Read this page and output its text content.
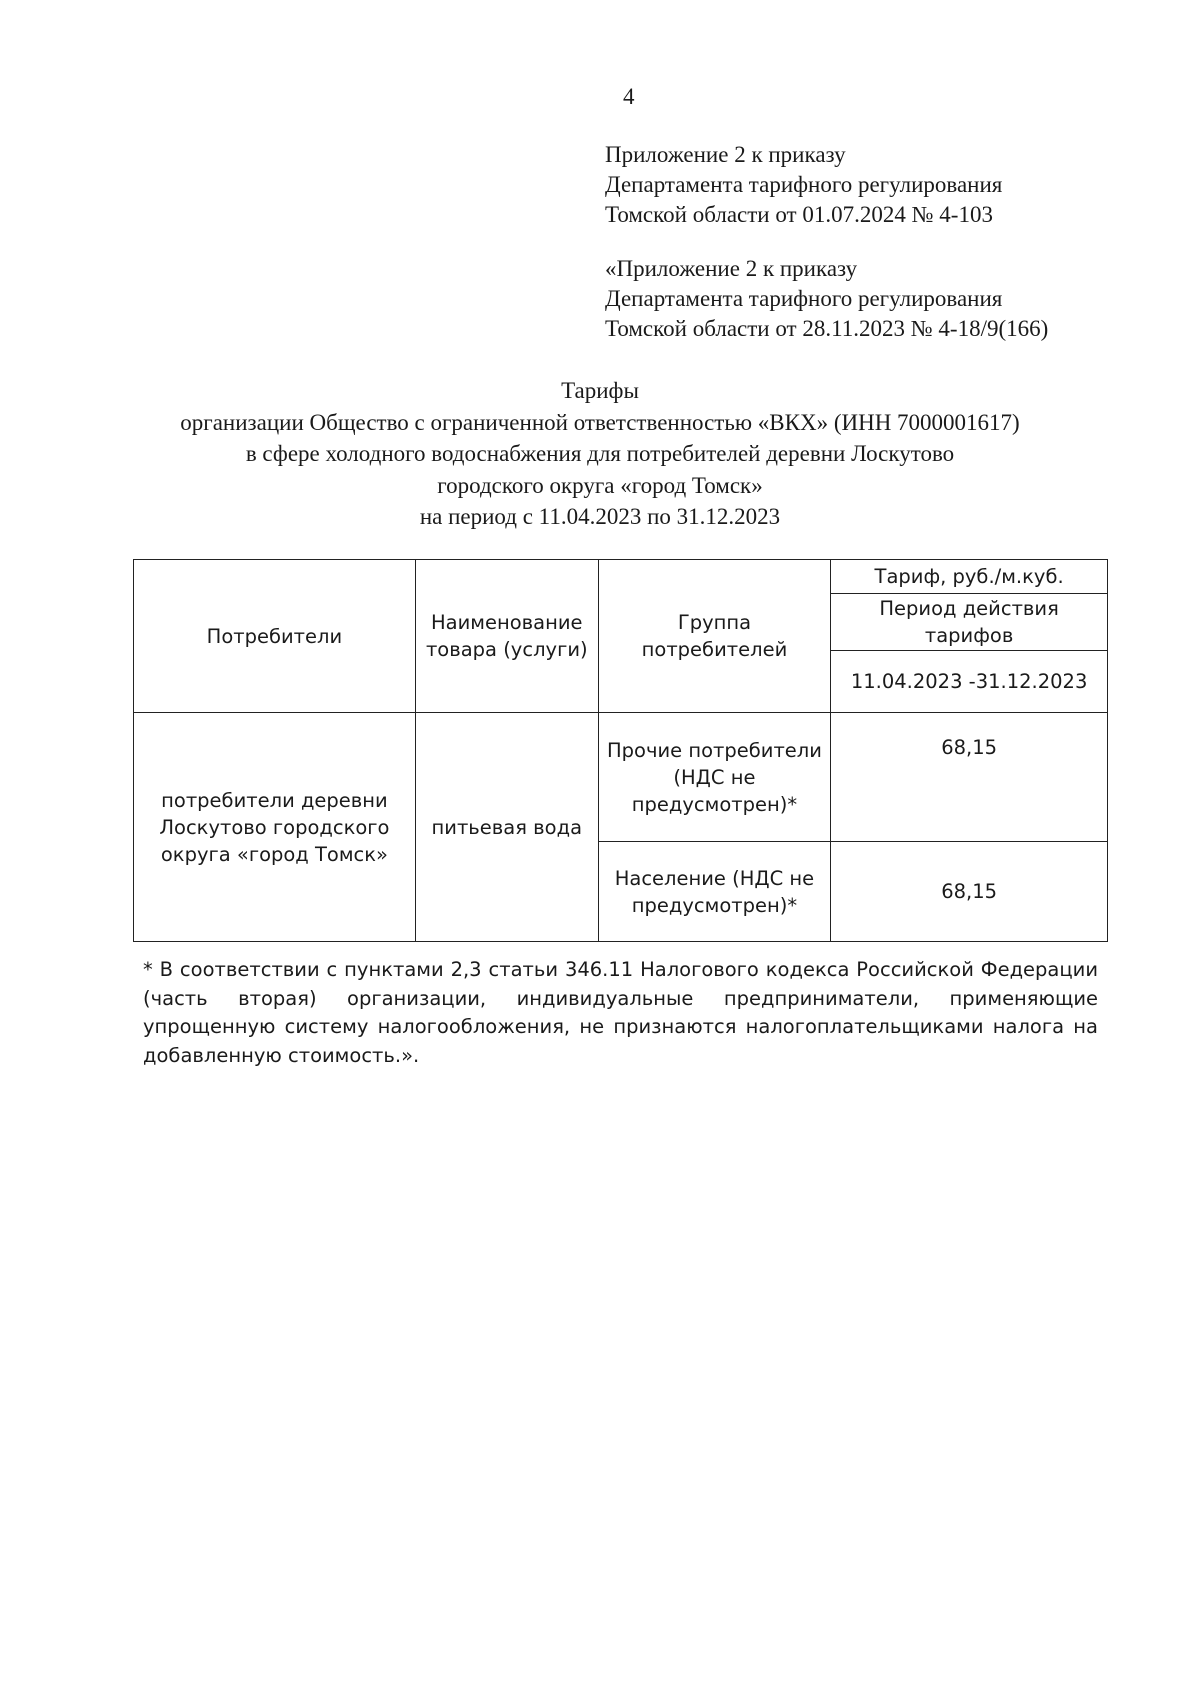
4
Приложение 2 к приказу
Департамента тарифного регулирования
Томской области от 01.07.2024 № 4-103
«Приложение 2 к приказу
Департамента тарифного регулирования
Томской области от 28.11.2023 № 4-18/9(166)
Тарифы
организации Общество с ограниченной ответственностью «ВКХ» (ИНН 7000001617)
в сфере холодного водоснабжения для потребителей деревни Лоскутово
городского округа «город Томск»
на период с 11.04.2023 по 31.12.2023
Потребители	Наименование товара (услуги)	Группа потребителей	Тариф, руб./м.куб.
			Период действия тарифов
			11.04.2023 -31.12.2023
потребители деревни Лоскутово городского округа «город Томск»	питьевая вода	Прочие потребители (НДС не предусмотрен)*	68,15
		Население (НДС не предусмотрен)*	68,15
* В соответствии с пунктами 2,3 статьи 346.11 Налогового кодекса Российской Федерации (часть вторая) организации, индивидуальные предприниматели, применяющие упрощенную систему налогообложения, не признаются налогоплательщиками налога на добавленную стоимость.».
